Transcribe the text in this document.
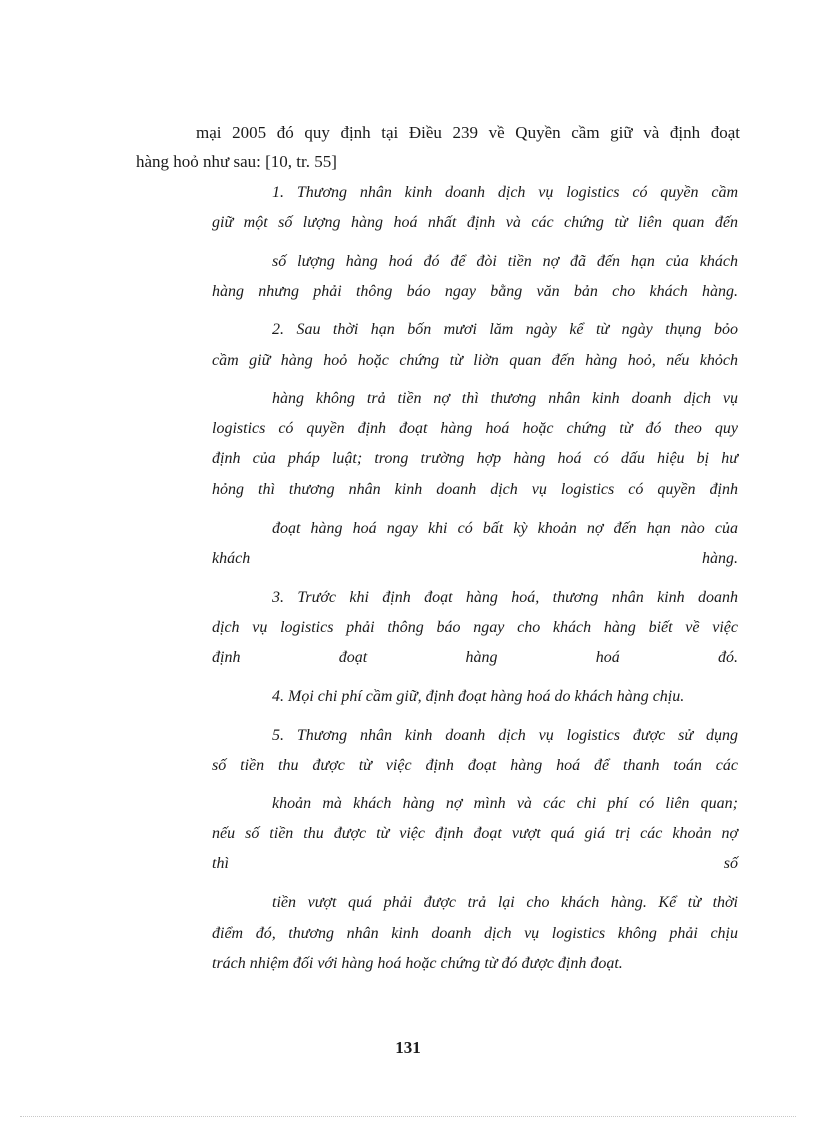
mại 2005 đó quy định tại Điều 239 về Quyền cầm giữ và định đoạt
hàng hoỏ như sau: [10, tr. 55]
1. Thương nhân kinh doanh dịch vụ logistics có quyền cầm
giữ một số lượng hàng hoá nhất định và các chứng từ liên quan đến
số lượng hàng hoá đó để đòi tiền nợ đã đến hạn của khách
hàng nhưng phải thông báo ngay bằng văn bản cho khách hàng.
2. Sau thời hạn bốn mươi lăm ngày kể từ ngày thụng bỏo
cầm giữ hàng hoỏ hoặc chứng từ liờn quan đến hàng hoỏ, nếu khỏch
hàng không trả tiền nợ thì thương nhân kinh doanh dịch vụ
logistics có quyền định đoạt hàng hoá hoặc chứng từ đó theo quy
định của pháp luật; trong trường hợp hàng hoá có dấu hiệu bị hư
hỏng thì thương nhân kinh doanh dịch vụ logistics có quyền định
đoạt hàng hoá ngay khi có bất kỳ khoản nợ đến hạn nào của
khách hàng.
3. Trước khi định đoạt hàng hoá, thương nhân kinh doanh
dịch vụ logistics phải thông báo ngay cho khách hàng biết về việc
định đoạt hàng hoá đó.
4. Mọi chi phí cầm giữ, định đoạt hàng hoá do khách hàng chịu.
5. Thương nhân kinh doanh dịch vụ logistics được sử dụng
số tiền thu được từ việc định đoạt hàng hoá để thanh toán các
khoản mà khách hàng nợ mình và các chi phí có liên quan;
nếu số tiền thu được từ việc định đoạt vượt quá giá trị các khoản nợ
thì số
tiền vượt quá phải được trả lại cho khách hàng. Kể từ thời
điểm đó, thương nhân kinh doanh dịch vụ logistics không phải chịu
trách nhiệm đối với hàng hoá hoặc chứng từ đó được định đoạt.
131
